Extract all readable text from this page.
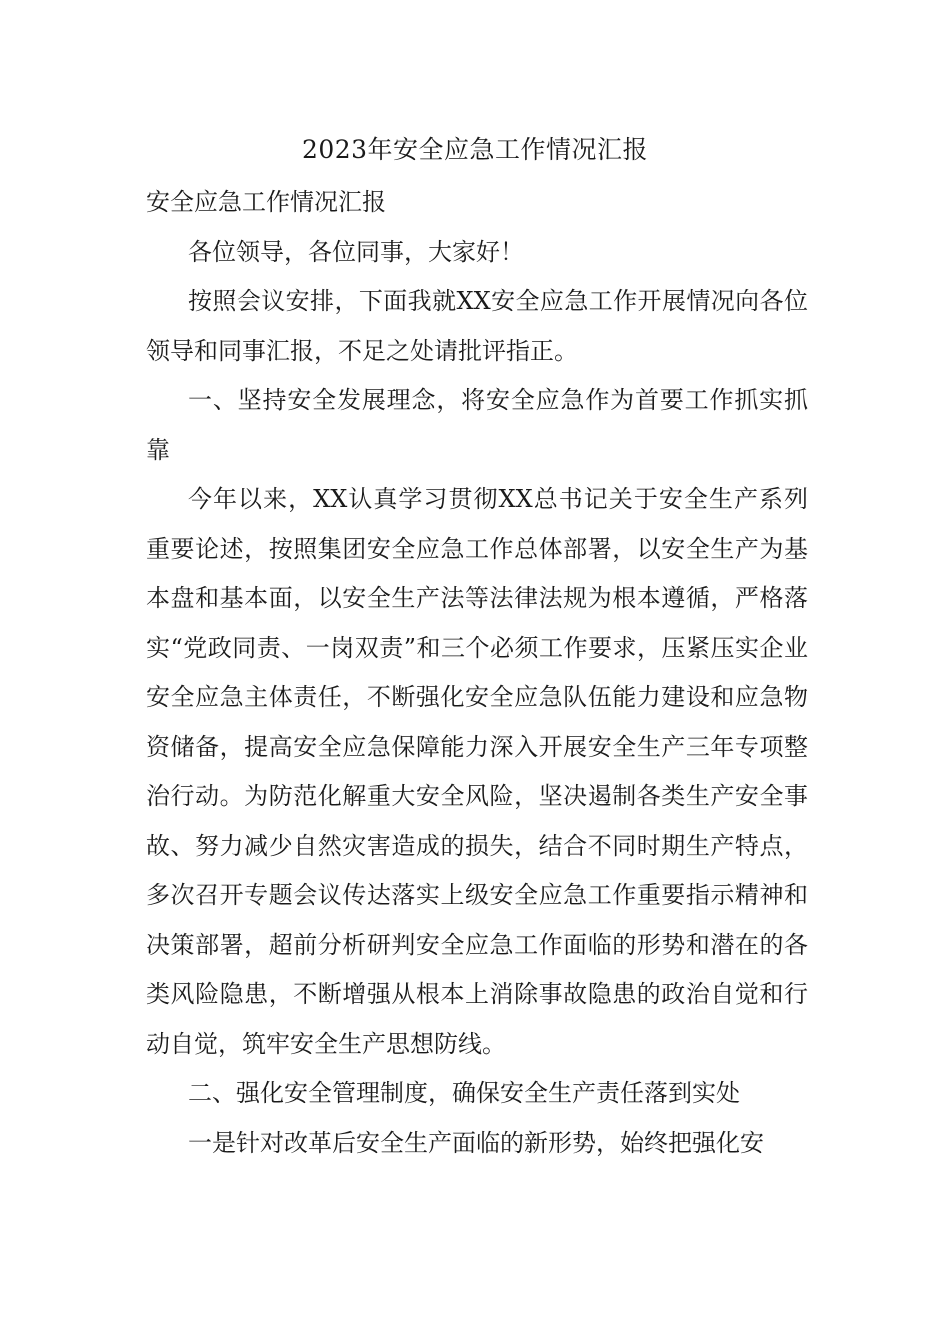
2023年安全应急工作情况汇报

安全应急工作情况汇报

各位领导，各位同事，大家好！

按照会议安排，下面我就XX安全应急工作开展情况向各位领导和同事汇报，不足之处请批评指正。

一、坚持安全发展理念，将安全应急作为首要工作抓实抓靠

今年以来，XX认真学习贯彻XX总书记关于安全生产系列重要论述，按照集团安全应急工作总体部署，以安全生产为基本盘和基本面，以安全生产法等法律法规为根本遵循，严格落实“党政同责、一岗双责”和三个必须工作要求，压紧压实企业安全应急主体责任，不断强化安全应急队伍能力建设和应急物资储备，提高安全应急保障能力深入开展安全生产三年专项整治行动。为防范化解重大安全风险，坚决遏制各类生产安全事故、努力减少自然灾害造成的损失，结合不同时期生产特点，多次召开专题会议传达落实上级安全应急工作重要指示精神和决策部署，超前分析研判安全应急工作面临的形势和潜在的各类风险隐患，不断增强从根本上消除事故隐患的政治自觉和行动自觉，筑牢安全生产思想防线。

二、强化安全管理制度，确保安全生产责任落到实处

一是针对改革后安全生产面临的新形势，始终把强化安
